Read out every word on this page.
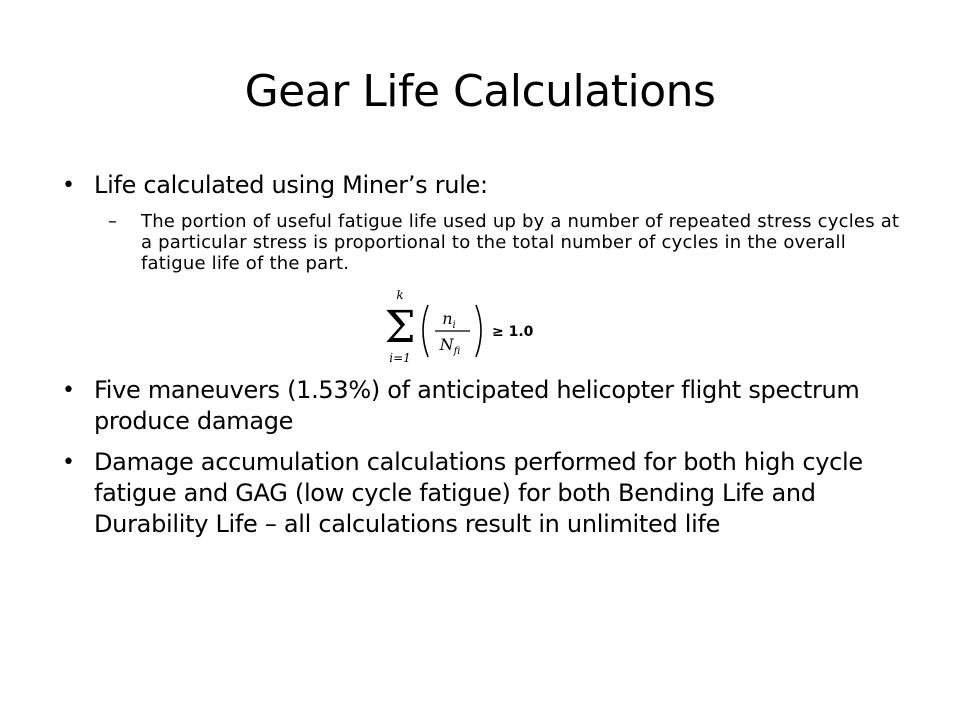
Gear Life Calculations
• Life calculated using Miner’s rule:
– The portion of useful fatigue life used up by a number of repeated stress cycles at a particular stress is proportional to the total number of cycles in the overall fatigue life of the part.
k
Σ
i=1
$n_i$
$N_{fi}$
≥ 1.0
• Five maneuvers (1.53%) of anticipated helicopter flight spectrum produce damage
• Damage accumulation calculations performed for both high cycle fatigue and GAG (low cycle fatigue) for both Bending Life and Durability Life – all calculations result in unlimited life
